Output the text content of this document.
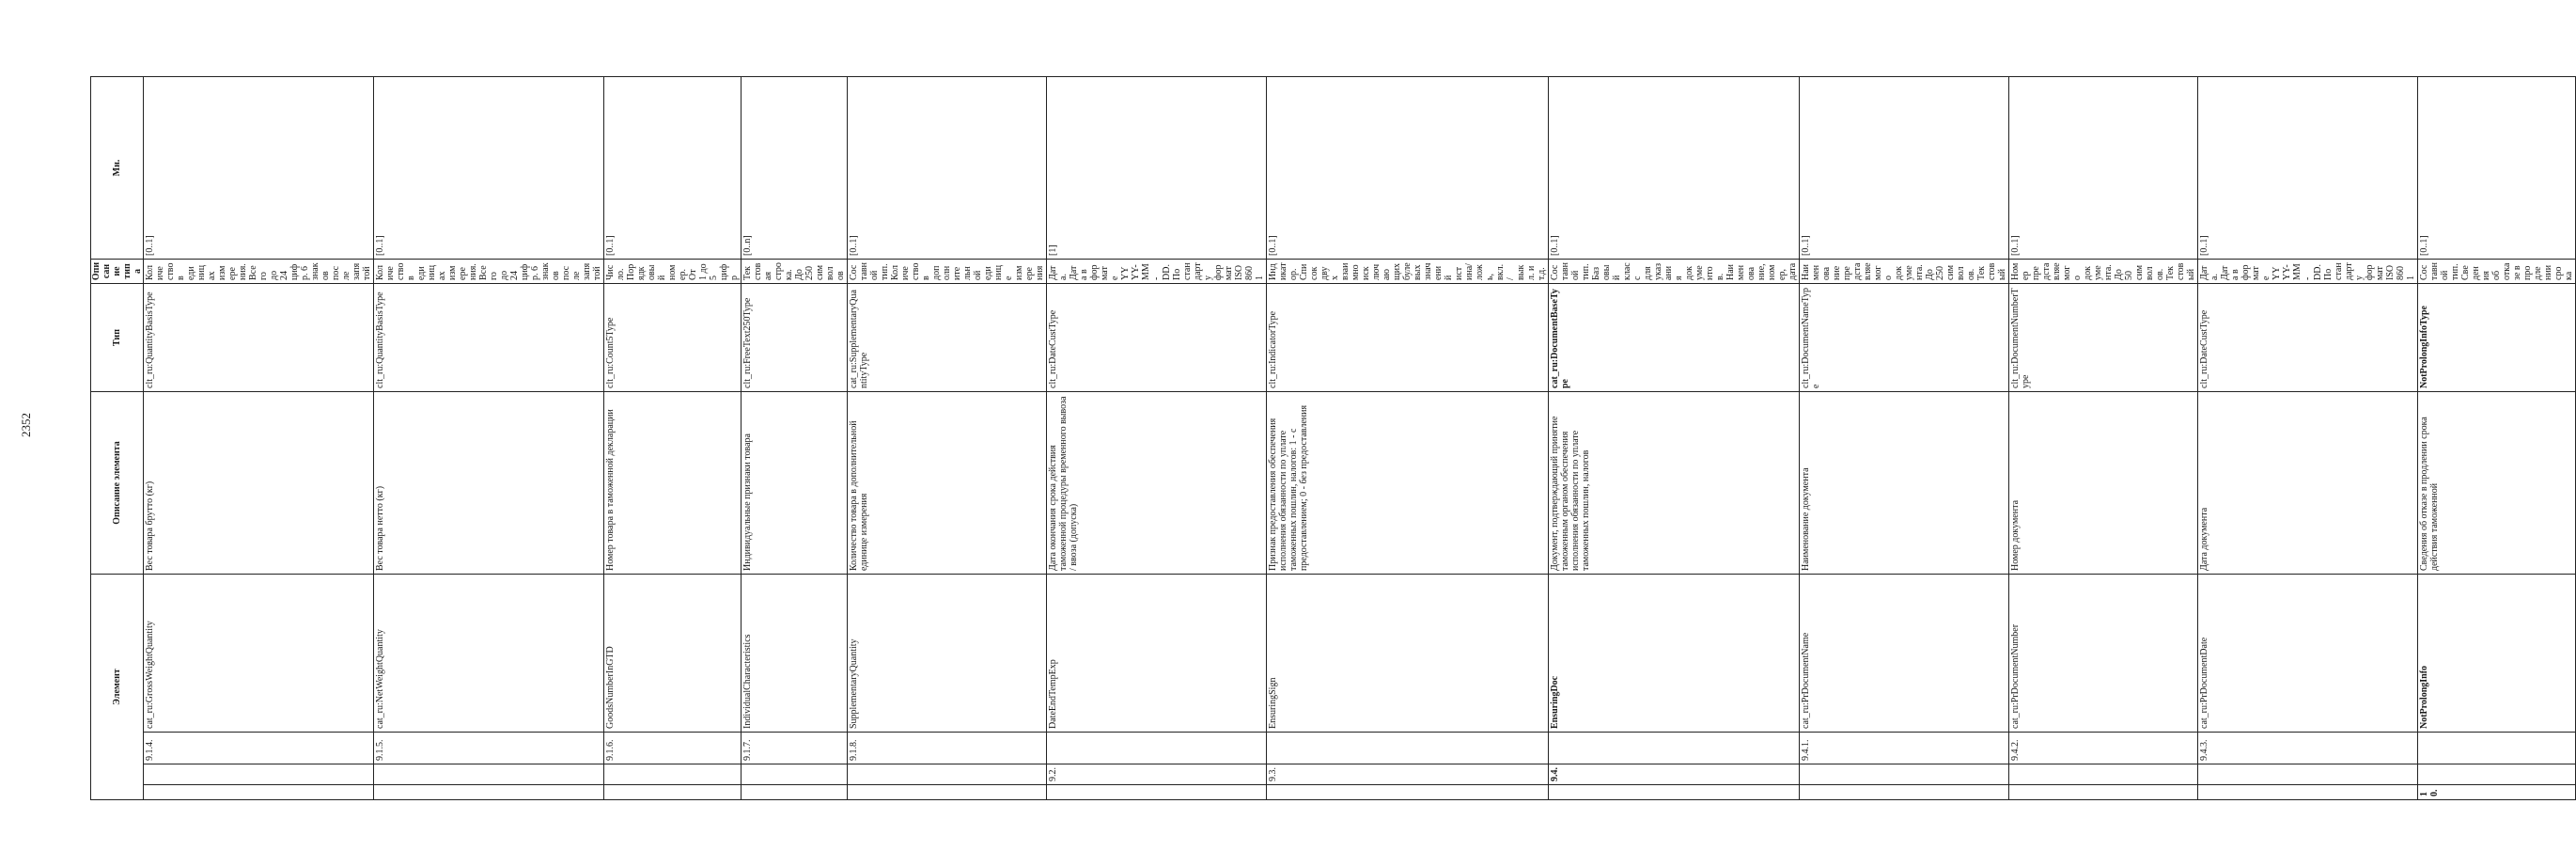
2352
Элемент				Описание элемента	Тип	Описание типа	Мн.
		9.1.4.	cat_ru:GrossWeightQuantity	Вес товара брутто (кг)	clt_ru:QuantityBasisType	Количество в единицах измерения. Всего до 24 цифр. 6 знаков после запятой	[0..1]
		9.1.5.	cat_ru:NetWeightQuantity	Вес товара нетто (кг)	clt_ru:QuantityBasisType	Количество в единицах измерения. Всего до 24 цифр. 6 знаков после запятой	[0..1]
		9.1.6.	GoodsNumberInGTD	Номер товара в таможенной декларации	clt_ru:Count5Type	Число. Порядковый номер. От 1 до 5 цифр	[0..1]
		9.1.7.	IndividualCharacteristics	Индивидуальные признаки товара	clt_ru:FreeText250Type	Текстовая строка. До 250 символов	[0..n]
		9.1.8.	SupplementaryQuantity	Количество товара в дополнительной единице измерения	cat_ru:SupplementaryQuantityType	Составной тип. Количество в дополнительной единице измерения	[0..1]
	9.2.		DateEndTempExp	Дата окончания срока действия таможенной процедуры временного вывоза / ввоза (допуска)	clt_ru:DateCustType	Дата. Дата в формате YYYY-MM-DD. По стандарту формат ISO 8601	[1]
	9.3.		EnsuringSign	Признак предоставления обеспечения исполнения обязанности по уплате таможенных пошлин, налогов: 1 - с предоставлением; 0 - без предоставления	clt_ru:IndicatorType	Индикатор. Список двух взаимно исключающих булевых значений истина/ложь, вкл./выкл. и т.д.	[0..1]
	9.4.		EnsuringDoc	Документ, подтверждающий принятие таможенным органом обеспечения исполнения обязанности по уплате таможенных пошлин, налогов	cat_ru:DocumentBaseType	Составной тип. Базовый класс для указания документов. Наименование, номер, дата	[0..1]
		9.4.1.	cat_ru:PrDocumentName	Наименование документа	clt_ru:DocumentNameType	Наименование представляемого документа. До 250 символов. Текстовый	[0..1]
		9.4.2.	cat_ru:PrDocumentNumber	Номер документа	clt_ru:DocumentNumberType	Номер представляемого документа. До 50 символов. Текстовый	[0..1]
		9.4.3.	cat_ru:PrDocumentDate	Дата документа	clt_ru:DateCustType	Дата. Дата в формате YYYY-MM-DD. По стандарту формат ISO 8601	[0..1]
10.			NotProlongInfo	Сведения об отказе в продлении срока действия таможенной	NotProlongInfoType	Составной тип. Сведения об отказе в продлении срока	[0..1]
